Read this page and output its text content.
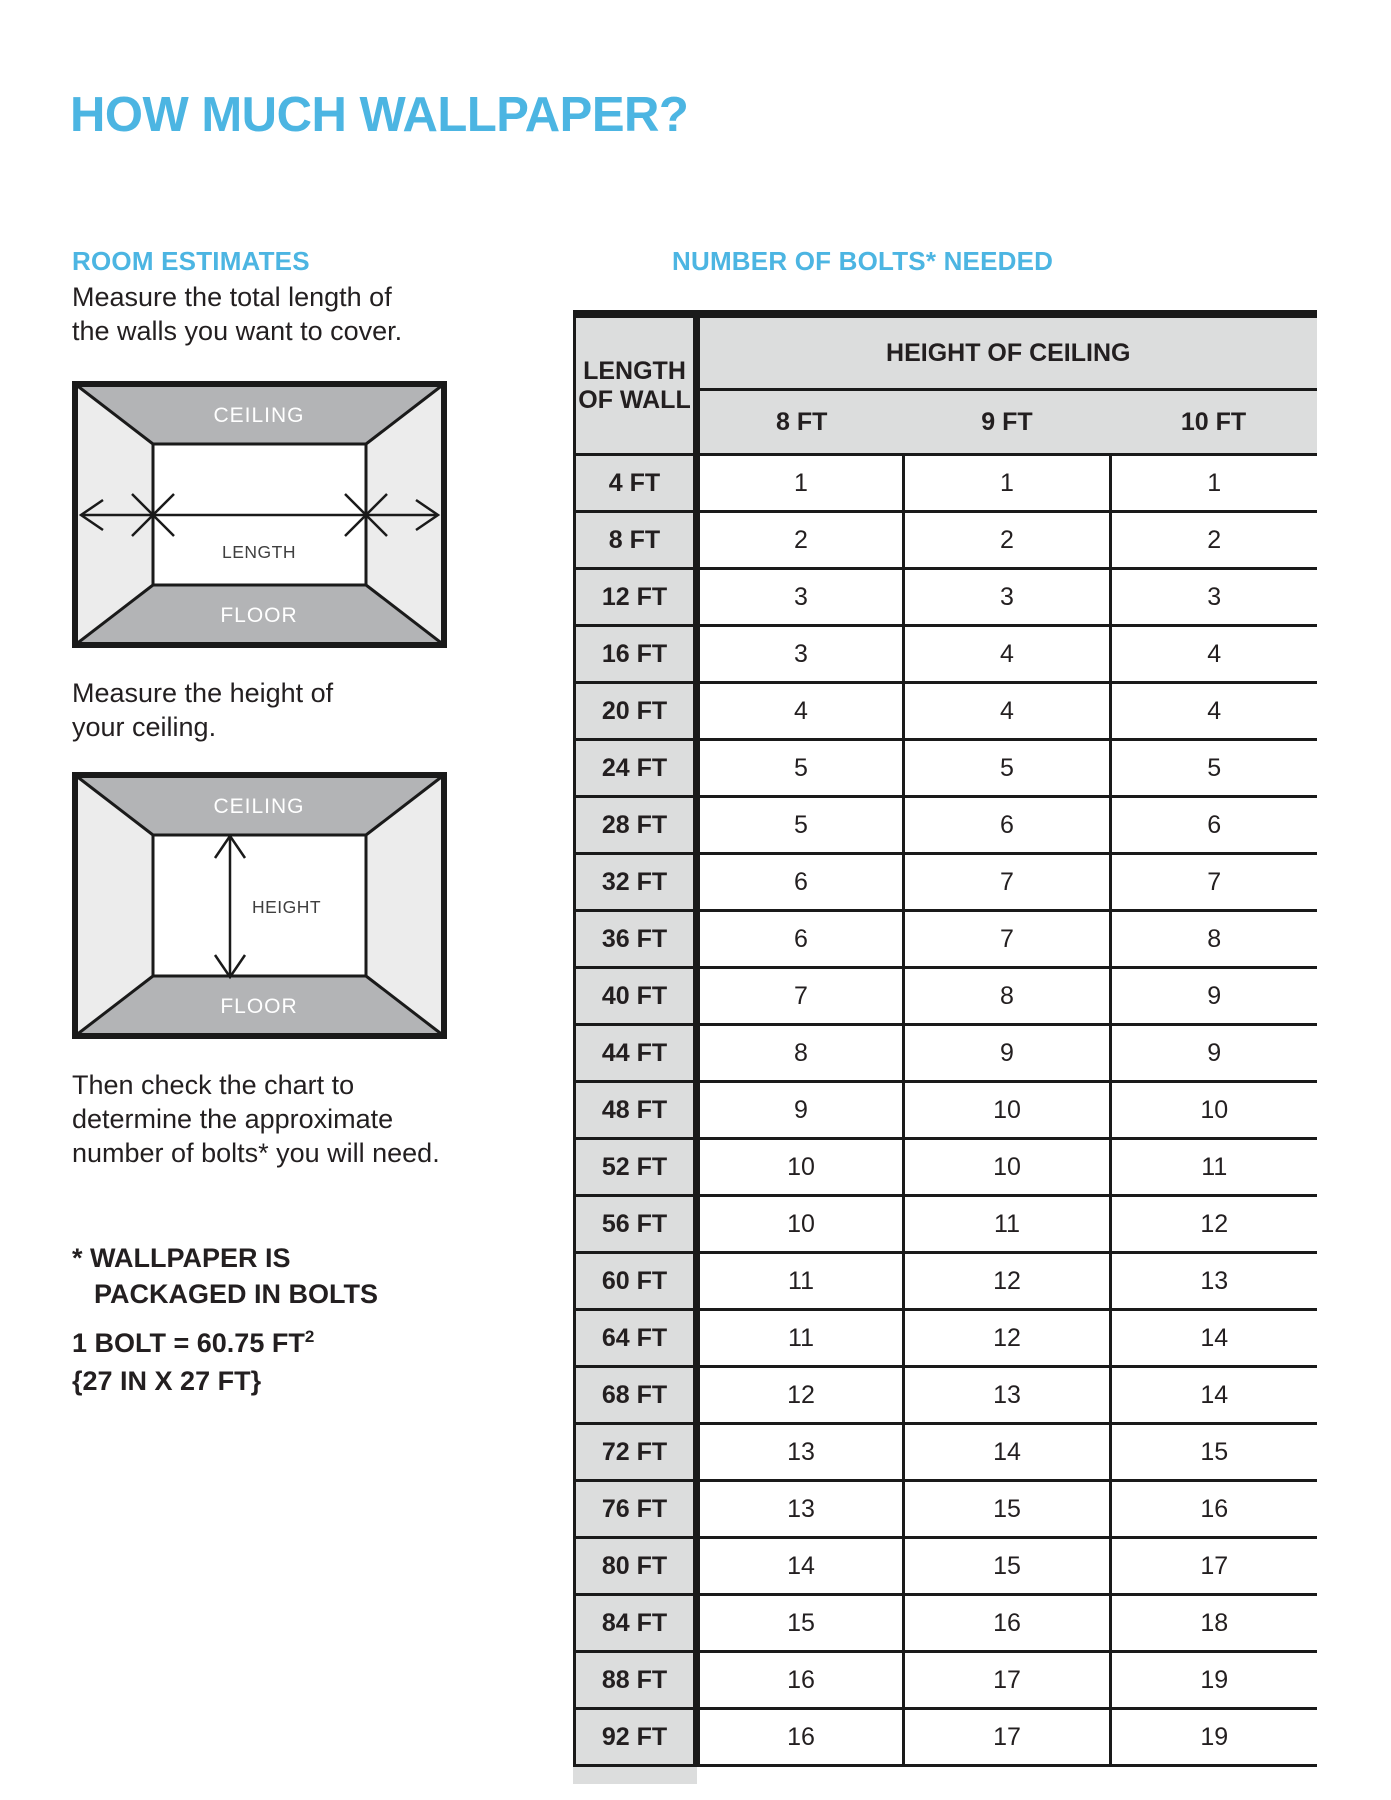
HOW MUCH WALLPAPER?
ROOM ESTIMATES
Measure the total length of
the walls you want to cover.
CEILING
LENGTH
FLOOR
Measure the height of
your ceiling.
CEILING
HEIGHT
FLOOR
Then check the chart to
determine the approximate
number of bolts* you will need.
* WALLPAPER IS
PACKAGED IN BOLTS
1 BOLT = 60.75 $FT^2$
{27 IN X 27 FT}
NUMBER OF BOLTS* NEEDED
LENGTH
OF WALL	HEIGHT OF CEILING		
	8 FT	9 FT	10 FT
4 FT	1	1	1
8 FT	2	2	2
12 FT	3	3	3
16 FT	3	4	4
20 FT	4	4	4
24 FT	5	5	5
28 FT	5	6	6
32 FT	6	7	7
36 FT	6	7	8
40 FT	7	8	9
44 FT	8	9	9
48 FT	9	10	10
52 FT	10	10	11
56 FT	10	11	12
60 FT	11	12	13
64 FT	11	12	14
68 FT	12	13	14
72 FT	13	14	15
76 FT	13	15	16
80 FT	14	15	17
84 FT	15	16	18
88 FT	16	17	19
92 FT	16	17	19
